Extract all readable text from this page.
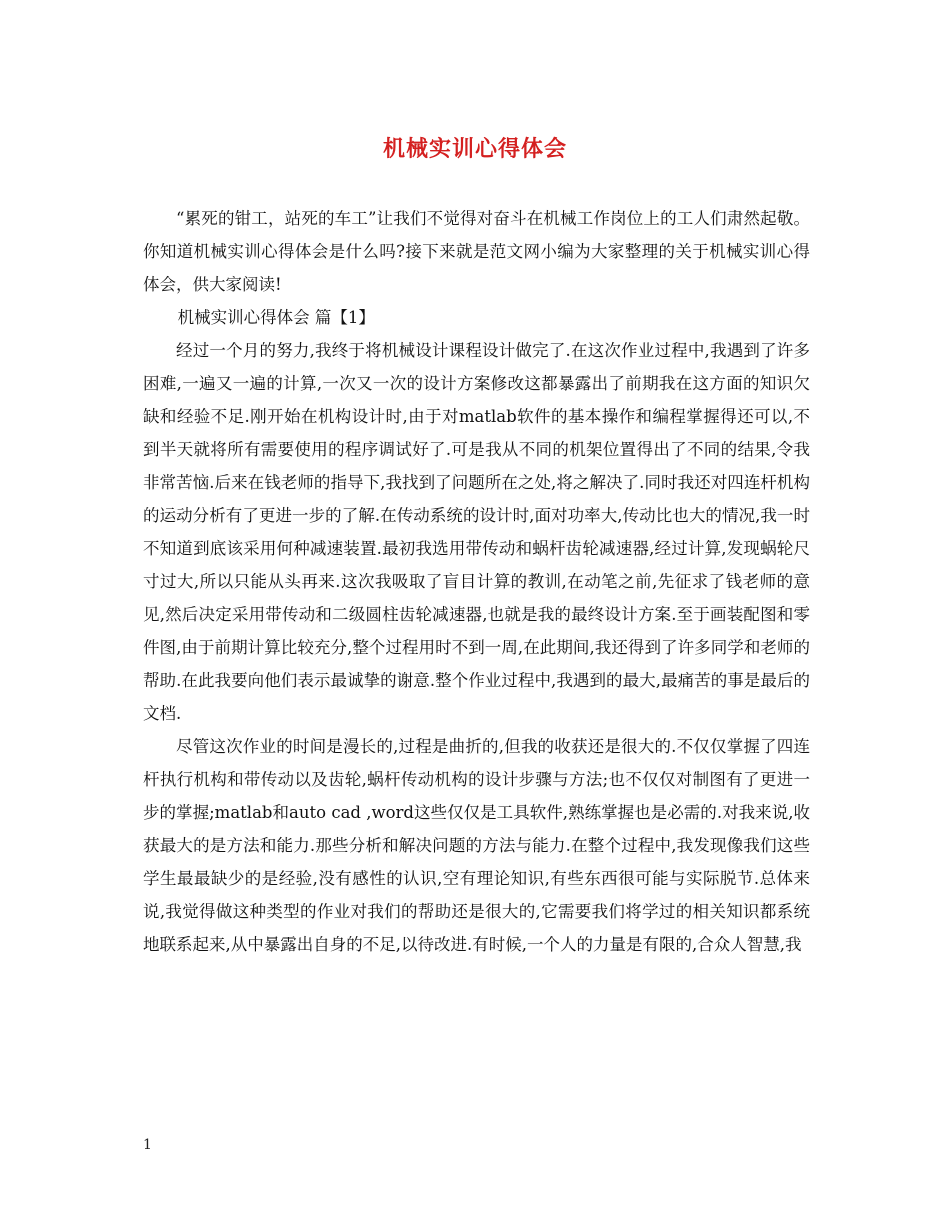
机械实训心得体会

“累死的钳工，站死的车工”让我们不觉得对奋斗在机械工作岗位上的工人们肃然起敬。你知道机械实训心得体会是什么吗?接下来就是范文网小编为大家整理的关于机械实训心得体会，供大家阅读!

机械实训心得体会 篇【1】

经过一个月的努力,我终于将机械设计课程设计做完了.在这次作业过程中,我遇到了许多困难,一遍又一遍的计算,一次又一次的设计方案修改这都暴露出了前期我在这方面的知识欠缺和经验不足.刚开始在机构设计时,由于对matlab软件的基本操作和编程掌握得还可以,不到半天就将所有需要使用的程序调试好了.可是我从不同的机架位置得出了不同的结果,令我非常苦恼.后来在钱老师的指导下,我找到了问题所在之处,将之解决了.同时我还对四连杆机构的运动分析有了更进一步的了解.在传动系统的设计时,面对功率大,传动比也大的情况,我一时不知道到底该采用何种减速装置.最初我选用带传动和蜗杆齿轮减速器,经过计算,发现蜗轮尺寸过大,所以只能从头再来.这次我吸取了盲目计算的教训,在动笔之前,先征求了钱老师的意见,然后决定采用带传动和二级圆柱齿轮减速器,也就是我的最终设计方案.至于画装配图和零件图,由于前期计算比较充分,整个过程用时不到一周,在此期间,我还得到了许多同学和老师的帮助.在此我要向他们表示最诚挚的谢意.整个作业过程中,我遇到的最大,最痛苦的事是最后的文档.

尽管这次作业的时间是漫长的,过程是曲折的,但我的收获还是很大的.不仅仅掌握了四连杆执行机构和带传动以及齿轮,蜗杆传动机构的设计步骤与方法;也不仅仅对制图有了更进一步的掌握;matlab和auto cad ,word这些仅仅是工具软件,熟练掌握也是必需的.对我来说,收获最大的是方法和能力.那些分析和解决问题的方法与能力.在整个过程中,我发现像我们这些学生最最缺少的是经验,没有感性的认识,空有理论知识,有些东西很可能与实际脱节.总体来说,我觉得做这种类型的作业对我们的帮助还是很大的,它需要我们将学过的相关知识都系统地联系起来,从中暴露出自身的不足,以待改进.有时候,一个人的力量是有限的,合众人智慧,我

1
